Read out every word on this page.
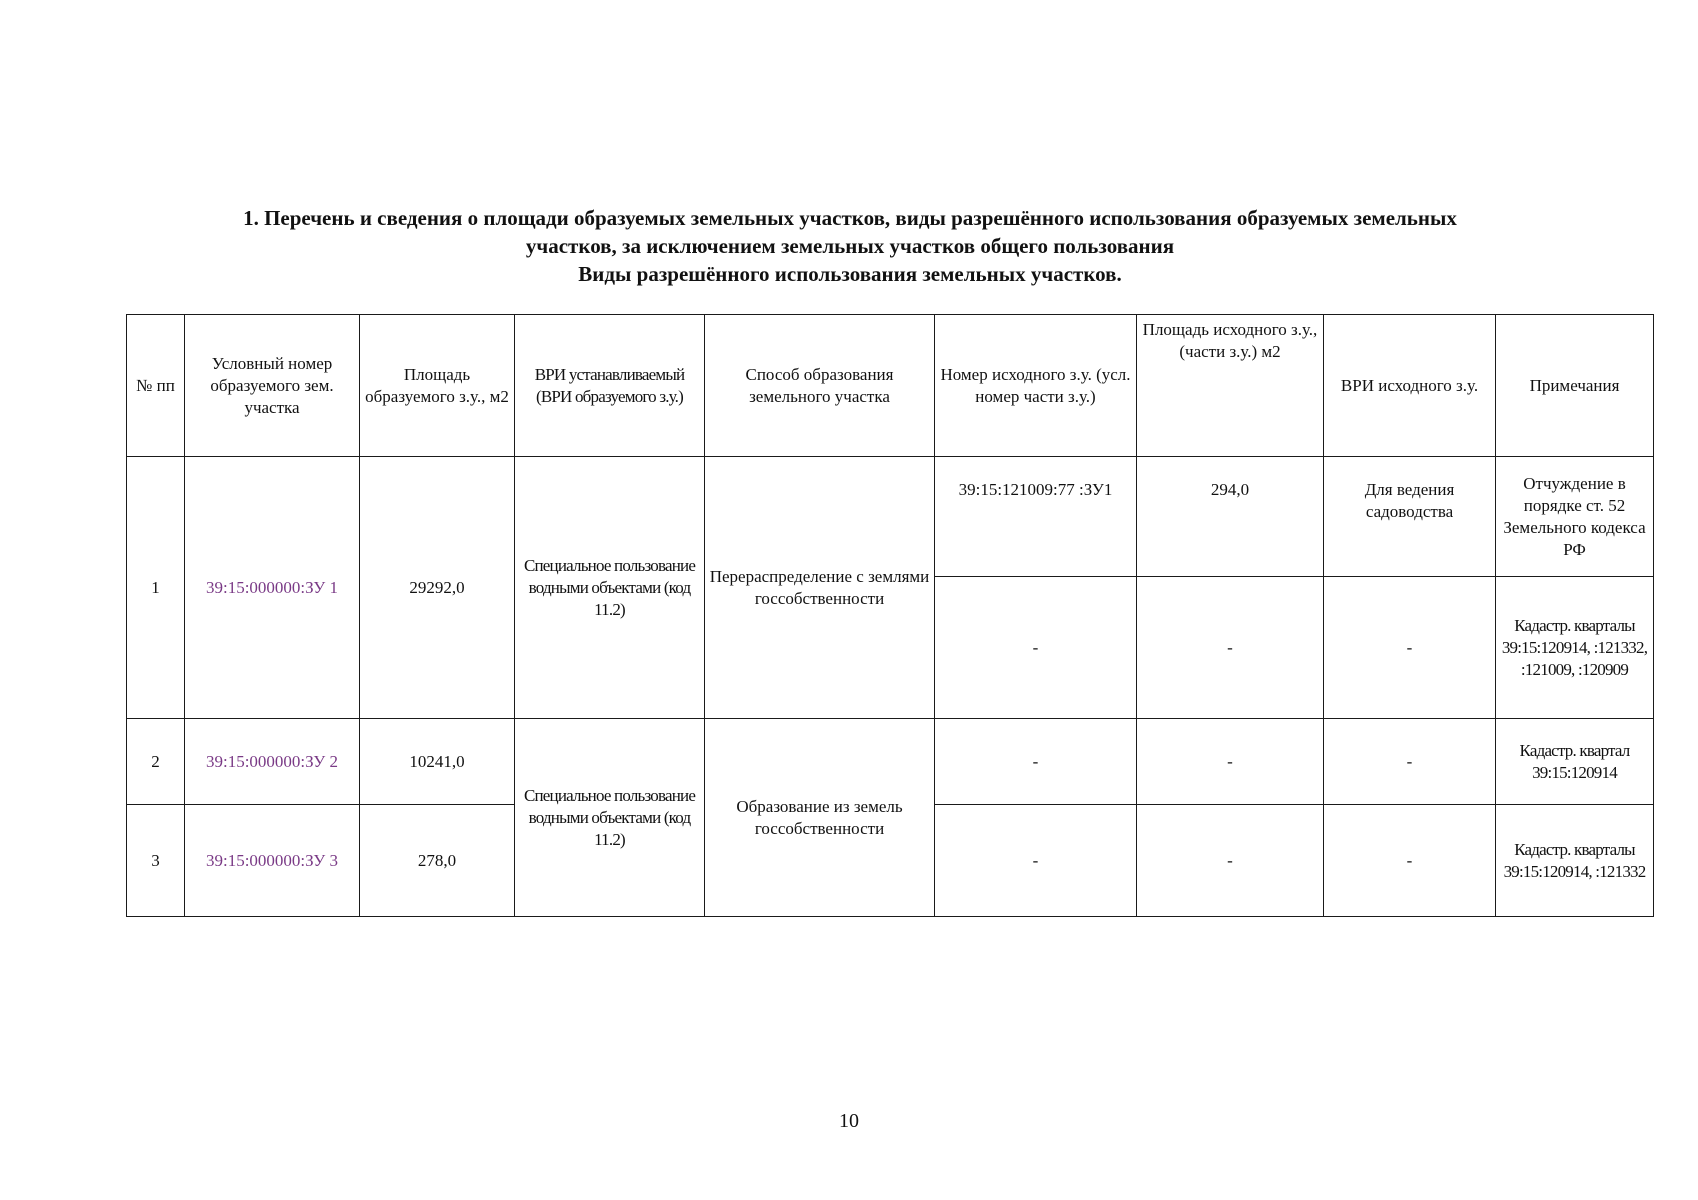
1. Перечень и сведения о площади образуемых земельных участков, виды разрешённого использования образуемых земельных
участков, за исключением земельных участков общего пользования
Виды разрешённого использования земельных участков.
№ пп	Условный номер образуемого зем. участка	Площадь образуемого з.у., м2	ВРИ устанавливаемый (ВРИ образуемого з.у.)	Способ образования земельного участка	Номер исходного з.у. (усл. номер части з.у.)	Площадь исходного з.у., (части з.у.) м2	ВРИ исходного з.у.	Примечания
1	39:15:000000:ЗУ 1	29292,0	Специальное пользование водными объектами (код 11.2)	Перераспределение с землями госсобственности	39:15:121009:77 :ЗУ1	294,0	Для ведения садоводства	Отчуждение в порядке ст. 52 Земельного кодекса РФ
					-	-	-	Кадастр. кварталы 39:15:120914, :121332, :121009, :120909
2	39:15:000000:ЗУ 2	10241,0	Специальное пользование водными объектами (код 11.2)	Образование из земель госсобственности	-	-	-	Кадастр. квартал 39:15:120914
3	39:15:000000:ЗУ 3	278,0			-	-	-	Кадастр. кварталы 39:15:120914, :121332
10
